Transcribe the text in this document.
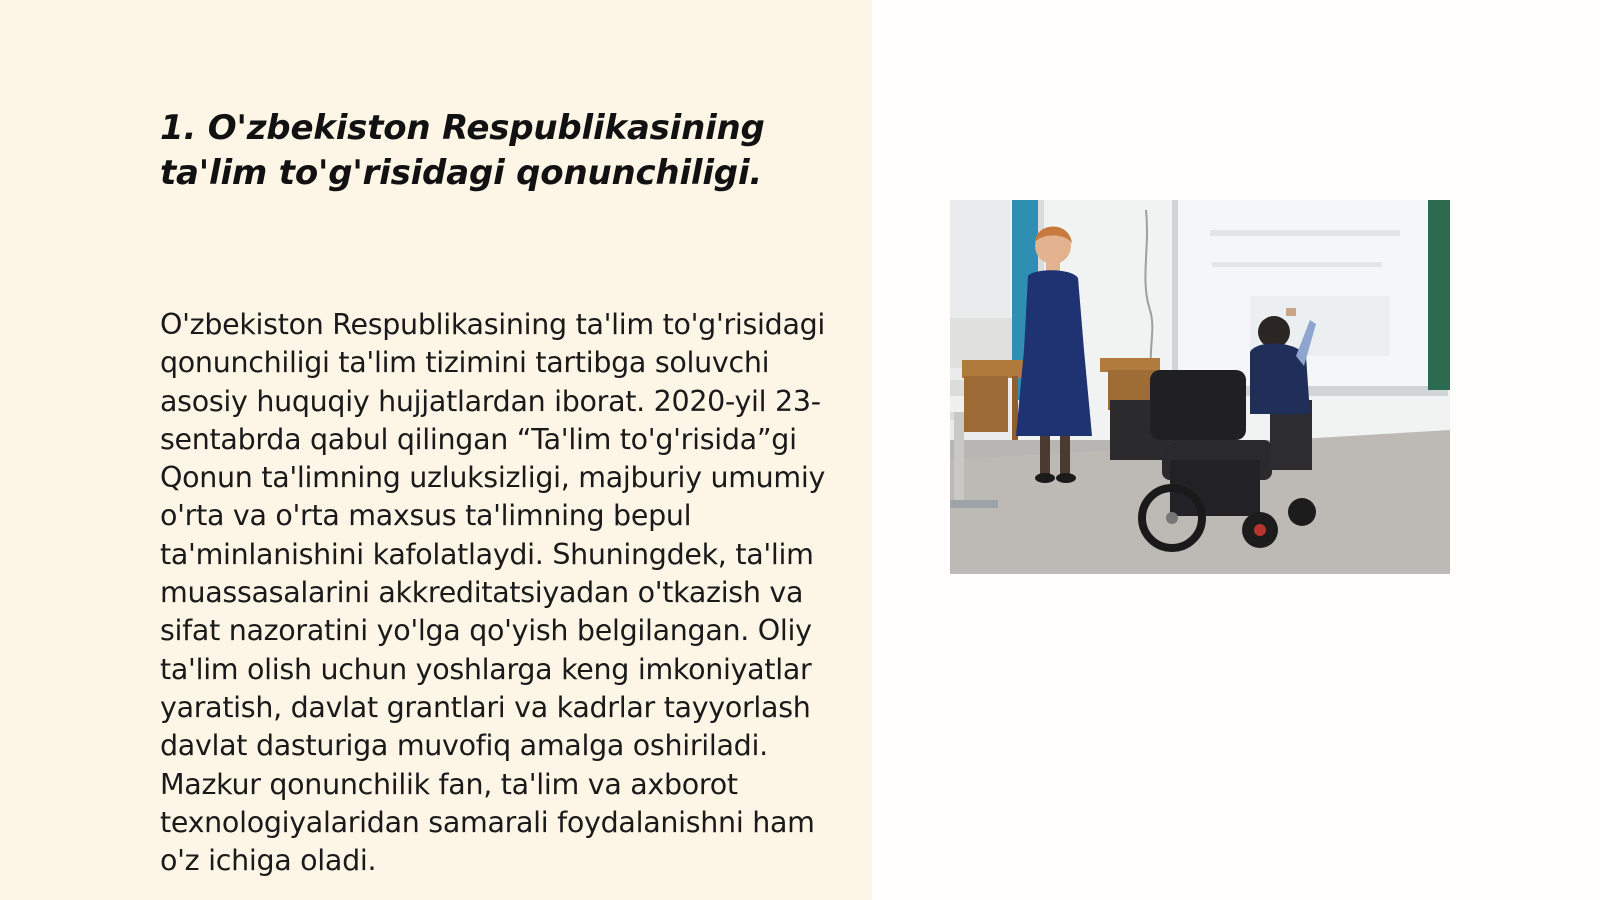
1. O'zbekiston Respublikasining ta'lim to'g'risidagi qonunchiligi.

O'zbekiston Respublikasining ta'lim to'g'risidagi qonunchiligi ta'lim tizimini tartibga soluvchi asosiy huquqiy hujjatlardan iborat. 2020-yil 23-sentabrda qabul qilingan “Ta'lim to'g'risida”gi Qonun ta'limning uzluksizligi, majburiy umumiy o'rta va o'rta maxsus ta'limning bepul ta'minlanishini kafolatlaydi. Shuningdek, ta'lim muassasalarini akkreditatsiyadan o'tkazish va sifat nazoratini yo'lga qo'yish belgilangan. Oliy ta'lim olish uchun yoshlarga keng imkoniyatlar yaratish, davlat grantlari va kadrlar tayyorlash davlat dasturiga muvofiq amalga oshiriladi. Mazkur qonunchilik fan, ta'lim va axborot texnologiyalaridan samarali foydalanishni ham o'z ichiga oladi.
